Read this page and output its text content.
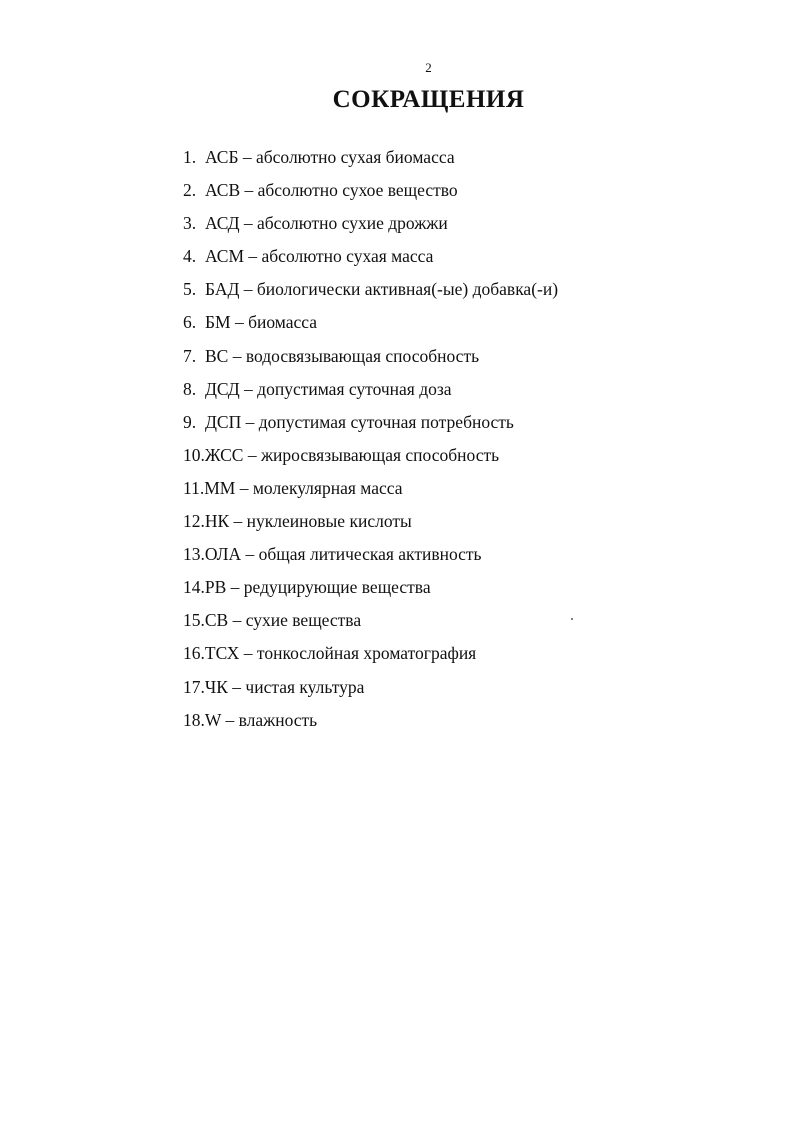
2
СОКРАЩЕНИЯ
1. АСБ – абсолютно сухая биомасса
2. АСВ – абсолютно сухое вещество
3. АСД – абсолютно сухие дрожжи
4. АСМ – абсолютно сухая масса
5. БАД – биологически активная(-ые) добавка(-и)
6. БМ – биомасса
7. ВС – водосвязывающая способность
8. ДСД – допустимая суточная доза
9. ДСП – допустимая суточная потребность
10.ЖСС – жиросвязывающая способность
11.ММ – молекулярная масса
12.НК – нуклеиновые кислоты
13.ОЛА – общая литическая активность
14.РВ – редуцирующие вещества
15.СВ – сухие вещества
16.ТСХ – тонкослойная хроматография
17.ЧК – чистая культура
18.W – влажность
